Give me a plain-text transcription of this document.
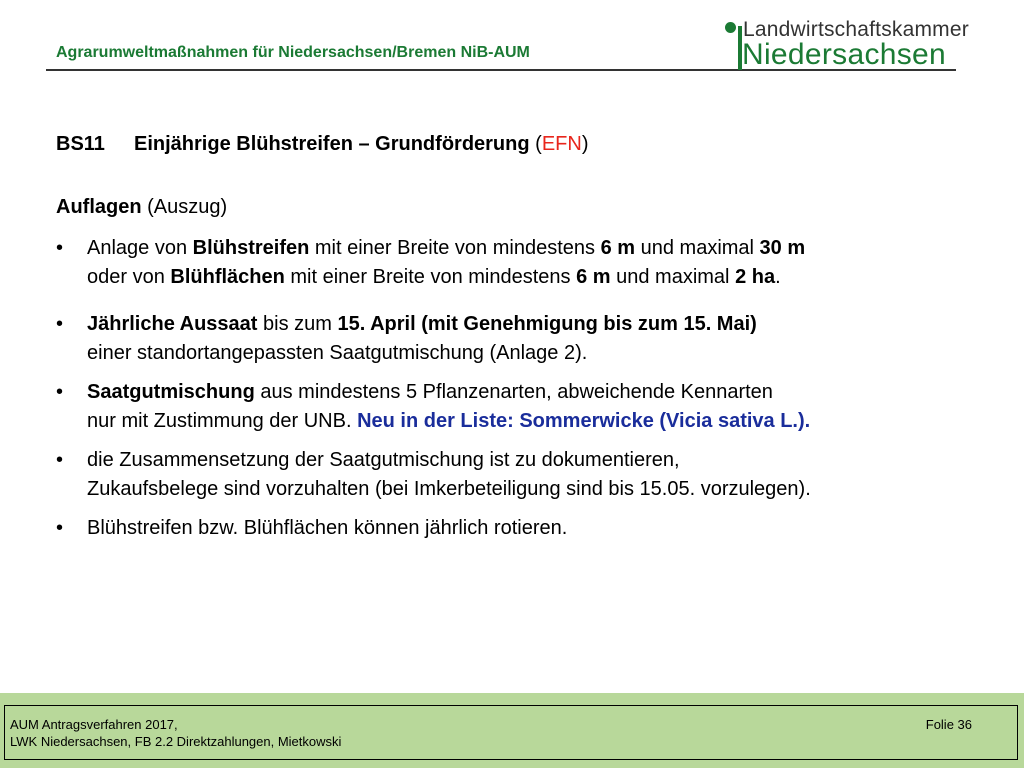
Agrarumweltmaßnahmen für Niedersachsen/Bremen NiB-AUM
Landwirtschaftskammer
Niedersachsen
BS11 Einjährige Blühstreifen – Grundförderung (EFN)
Auflagen (Auszug)
• Anlage von Blühstreifen mit einer Breite von mindestens 6 m und maximal 30 m
oder von Blühflächen mit einer Breite von mindestens 6 m und maximal 2 ha.
• Jährliche Aussaat bis zum 15. April (mit Genehmigung bis zum 15. Mai)
einer standortangepassten Saatgutmischung (Anlage 2).
• Saatgutmischung aus mindestens 5 Pflanzenarten, abweichende Kennarten
nur mit Zustimmung der UNB. Neu in der Liste: Sommerwicke (Vicia sativa L.).
• die Zusammensetzung der Saatgutmischung ist zu dokumentieren,
Zukaufsbelege sind vorzuhalten (bei Imkerbeteiligung sind bis 15.05. vorzulegen).
• Blühstreifen bzw. Blühflächen können jährlich rotieren.
AUM Antragsverfahren 2017,
LWK Niedersachsen, FB 2.2 Direktzahlungen, Mietkowski
Folie 36
